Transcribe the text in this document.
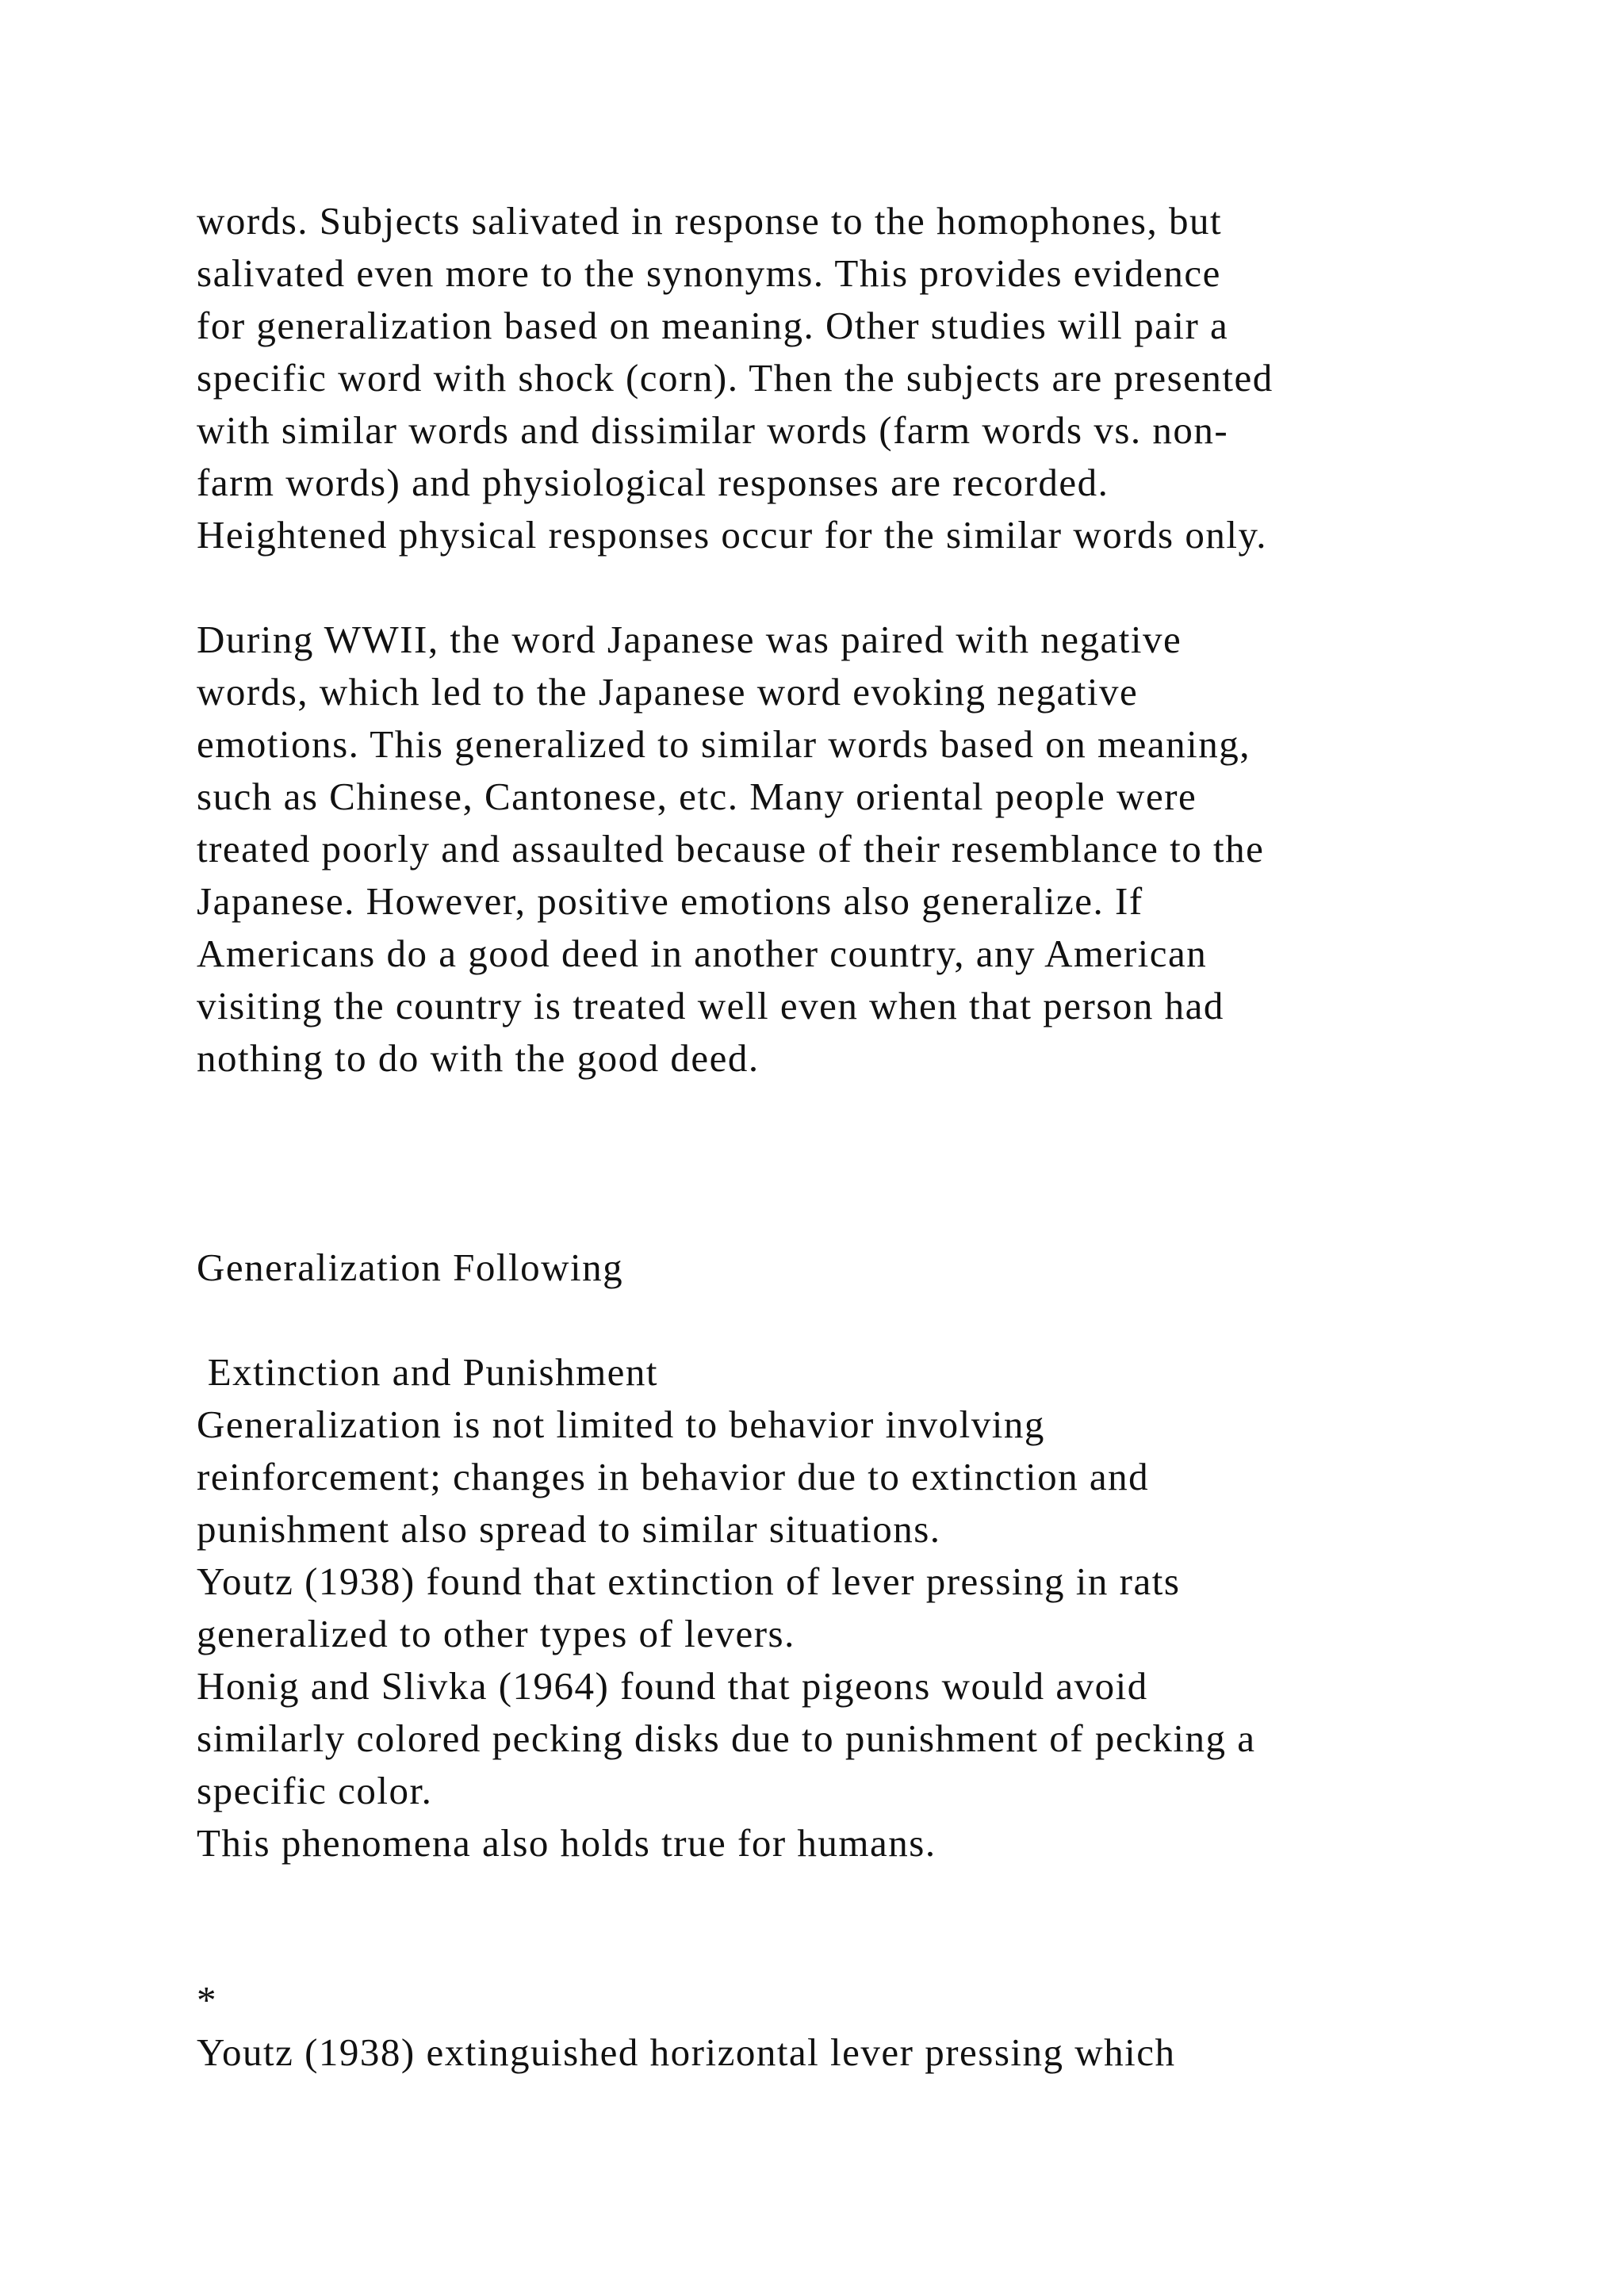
words. Subjects salivated in response to the homophones, but
salivated even more to the synonyms. This provides evidence
for generalization based on meaning. Other studies will pair a
specific word with shock (corn). Then the subjects are presented
with similar words and dissimilar words (farm words vs. non-
farm words) and physiological responses are recorded.
Heightened physical responses occur for the similar words only.
During WWII, the word Japanese was paired with negative
words, which led to the Japanese word evoking negative
emotions. This generalized to similar words based on meaning,
such as Chinese, Cantonese, etc. Many oriental people were
treated poorly and assaulted because of their resemblance to the
Japanese. However, positive emotions also generalize. If
Americans do a good deed in another country, any American
visiting the country is treated well even when that person had
nothing to do with the good deed.
Generalization Following
Extinction and Punishment
Generalization is not limited to behavior involving
reinforcement; changes in behavior due to extinction and
punishment also spread to similar situations.
Youtz (1938) found that extinction of lever pressing in rats
generalized to other types of levers.
Honig and Slivka (1964) found that pigeons would avoid
similarly colored pecking disks due to punishment of pecking a
specific color.
This phenomena also holds true for humans.
*
Youtz (1938) extinguished horizontal lever pressing which
